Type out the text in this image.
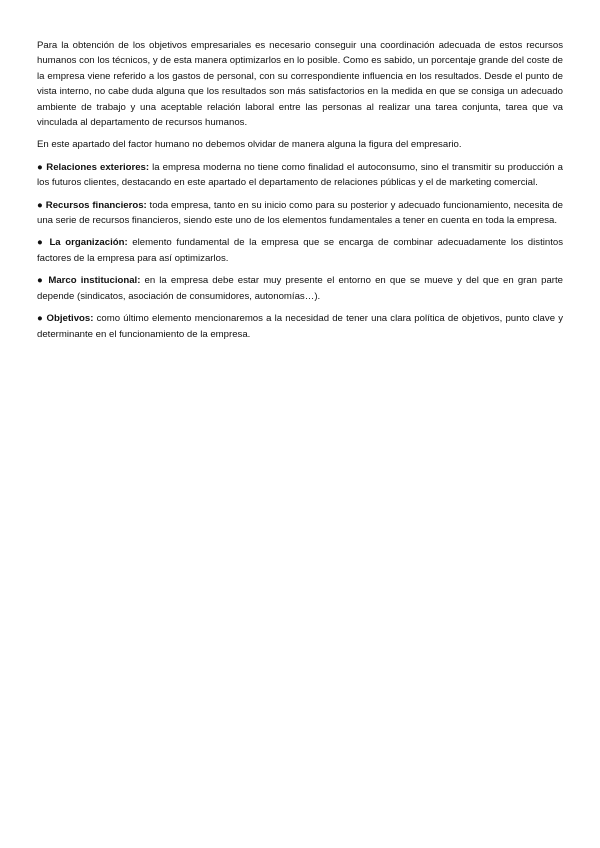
Para la obtención de los objetivos empresariales es necesario conseguir una coordinación adecuada de estos recursos humanos con los técnicos, y de esta manera optimizarlos en lo posible. Como es sabido, un porcentaje grande del coste de la empresa viene referido a los gastos de personal, con su correspondiente influencia en los resultados. Desde el punto de vista interno, no cabe duda alguna que los resultados son más satisfactorios en la medida en que se consiga un adecuado ambiente de trabajo y una aceptable relación laboral entre las personas al realizar una tarea conjunta, tarea que va vinculada al departamento de recursos humanos.

En este apartado del factor humano no debemos olvidar de manera alguna la figura del empresario.

● Relaciones exteriores: la empresa moderna no tiene como finalidad el autoconsumo, sino el transmitir su producción a los futuros clientes, destacando en este apartado el departamento de relaciones públicas y el de marketing comercial.

● Recursos financieros: toda empresa, tanto en su inicio como para su posterior y adecuado funcionamiento, necesita de una serie de recursos financieros, siendo este uno de los elementos fundamentales a tener en cuenta en toda la empresa.

● La organización: elemento fundamental de la empresa que se encarga de combinar adecuadamente los distintos factores de la empresa para así optimizarlos.

● Marco institucional: en la empresa debe estar muy presente el entorno en que se mueve y del que en gran parte depende (sindicatos, asociación de consumidores, autonomías…).

● Objetivos: como último elemento mencionaremos a la necesidad de tener una clara política de objetivos, punto clave y determinante en el funcionamiento de la empresa.
